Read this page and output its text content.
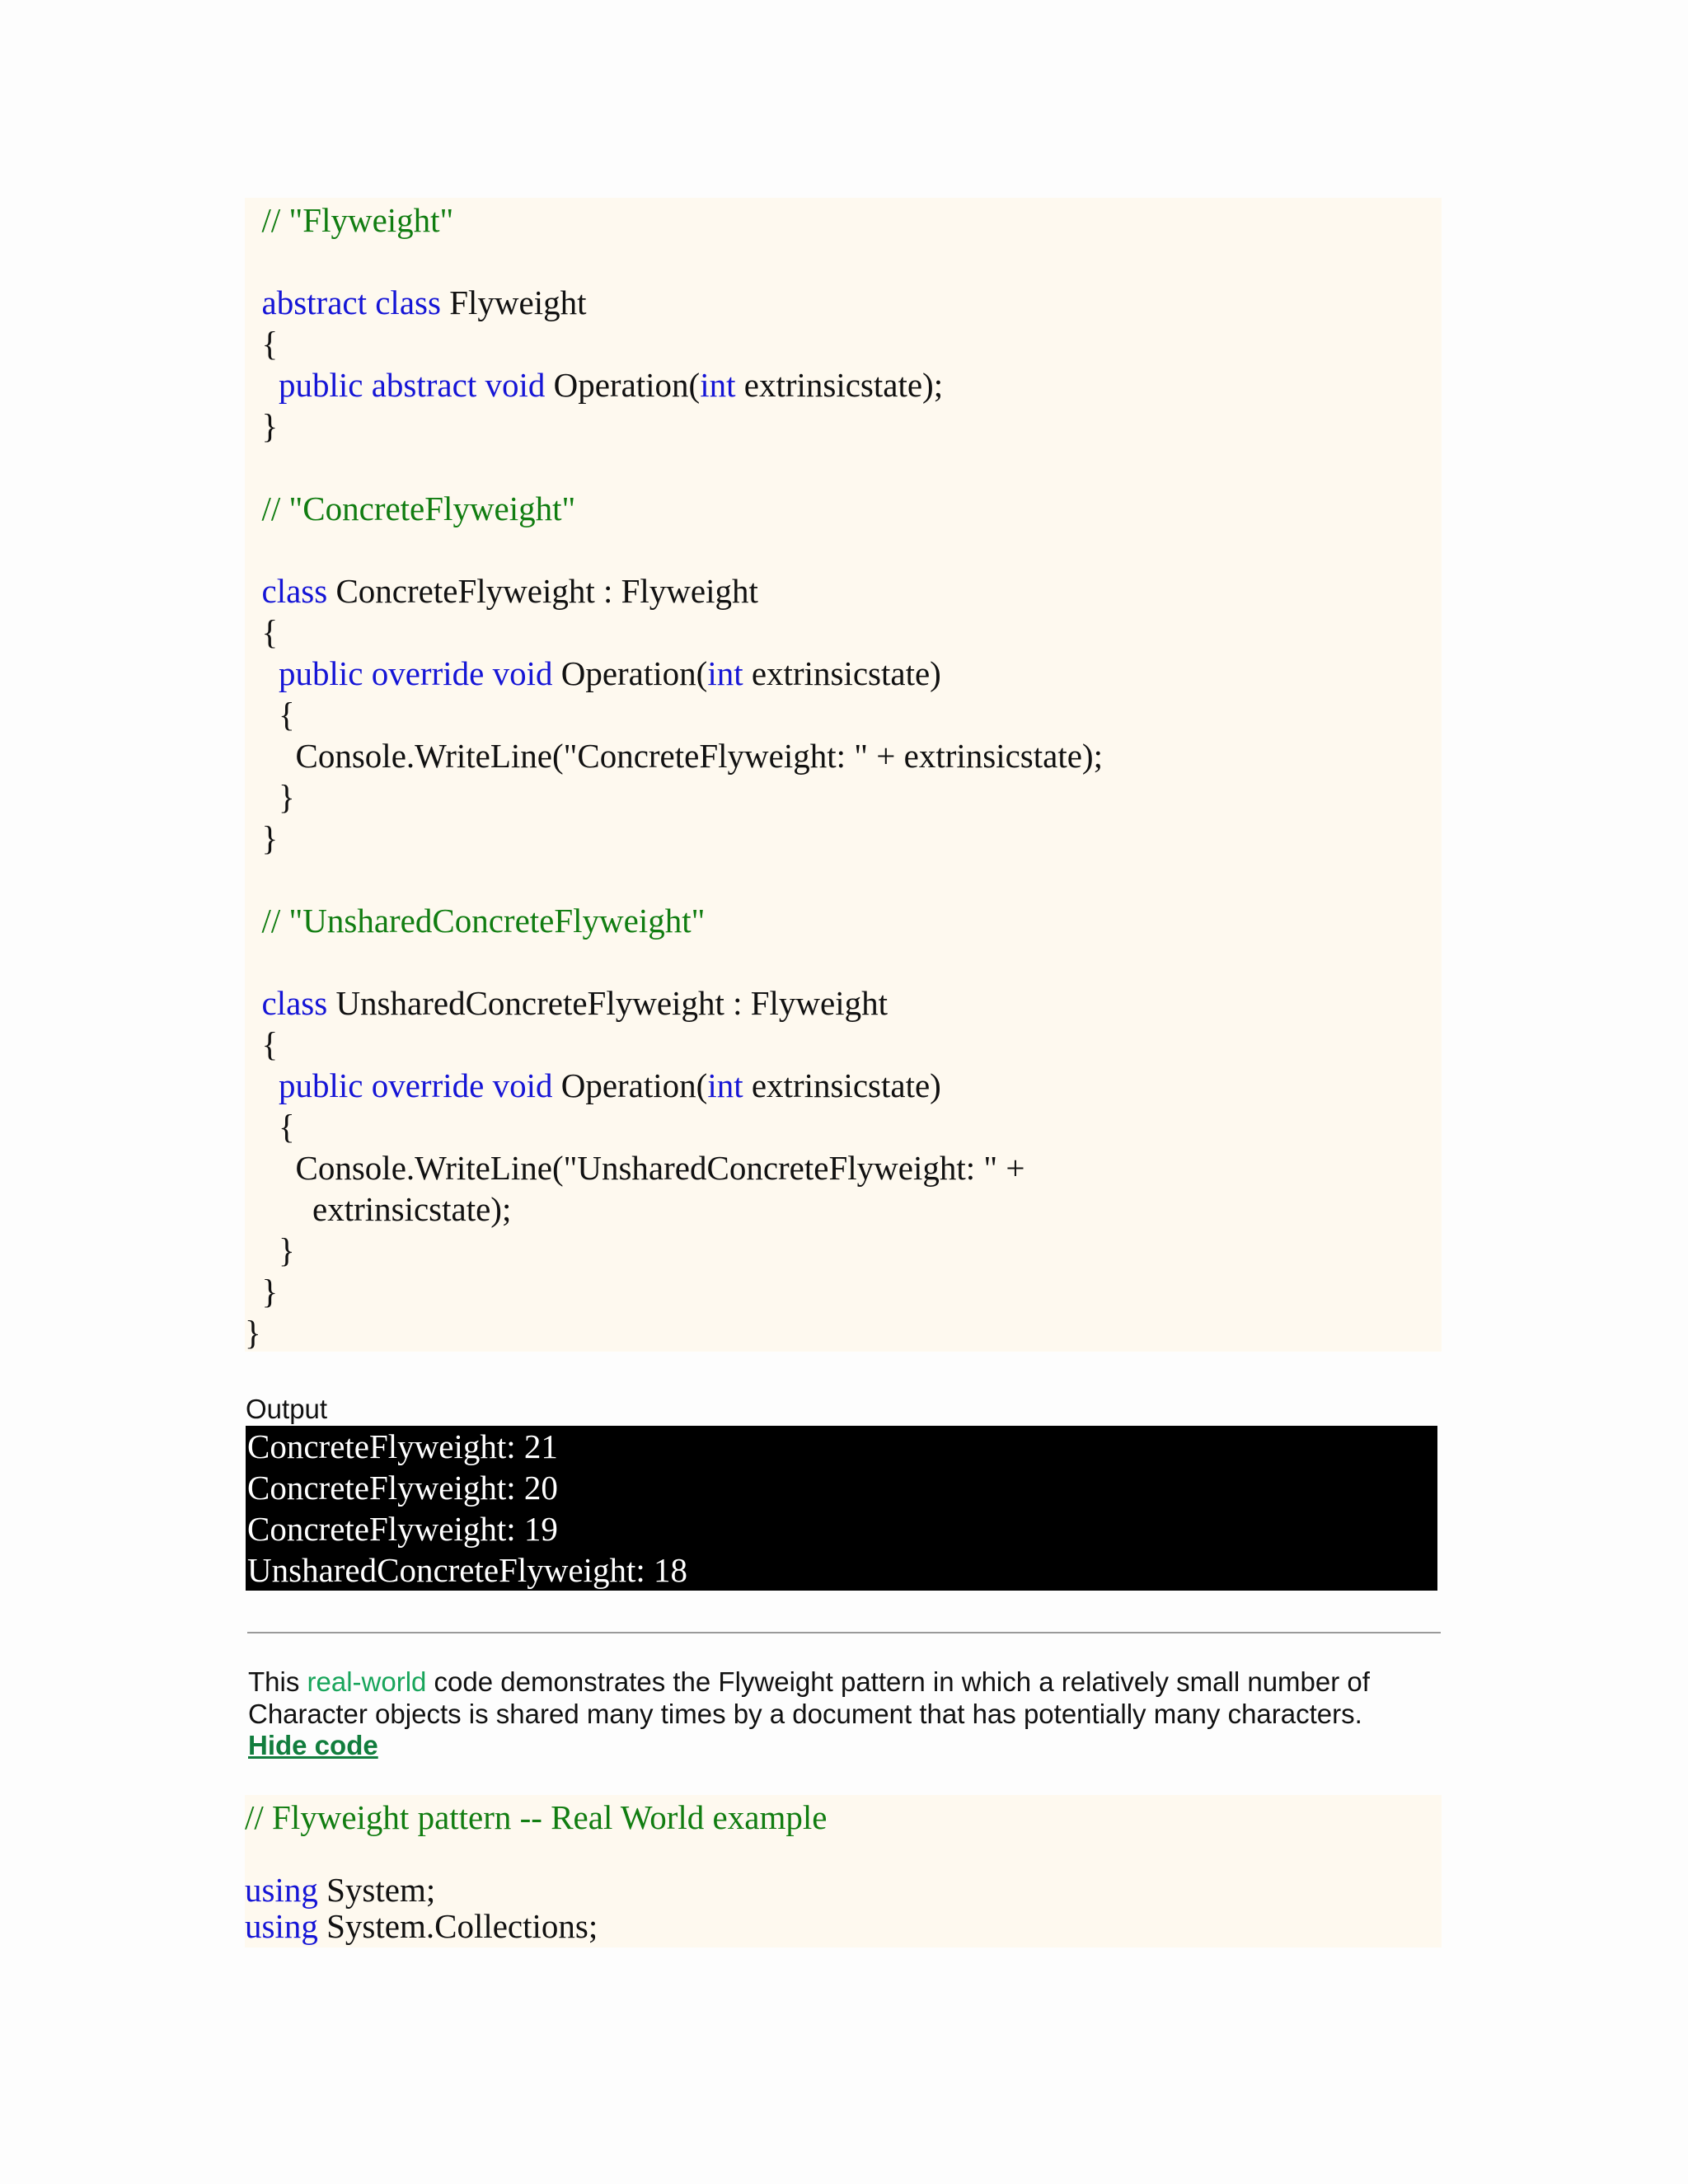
// "Flyweight"
abstract class Flyweight
{
public abstract void Operation(int extrinsicstate);
}
// "ConcreteFlyweight"
class ConcreteFlyweight : Flyweight
{
public override void Operation(int extrinsicstate)
{
Console.WriteLine("ConcreteFlyweight: " + extrinsicstate);
}
}
// "UnsharedConcreteFlyweight"
class UnsharedConcreteFlyweight : Flyweight
{
public override void Operation(int extrinsicstate)
{
Console.WriteLine("UnsharedConcreteFlyweight: " +
extrinsicstate);
}
}
}
Output
ConcreteFlyweight: 21
ConcreteFlyweight: 20
ConcreteFlyweight: 19
UnsharedConcreteFlyweight: 18
This real-world code demonstrates the Flyweight pattern in which a relatively small number of Character objects is shared many times by a document that has potentially many characters.
Hide code
// Flyweight pattern -- Real World example
using System;
using System.Collections;
